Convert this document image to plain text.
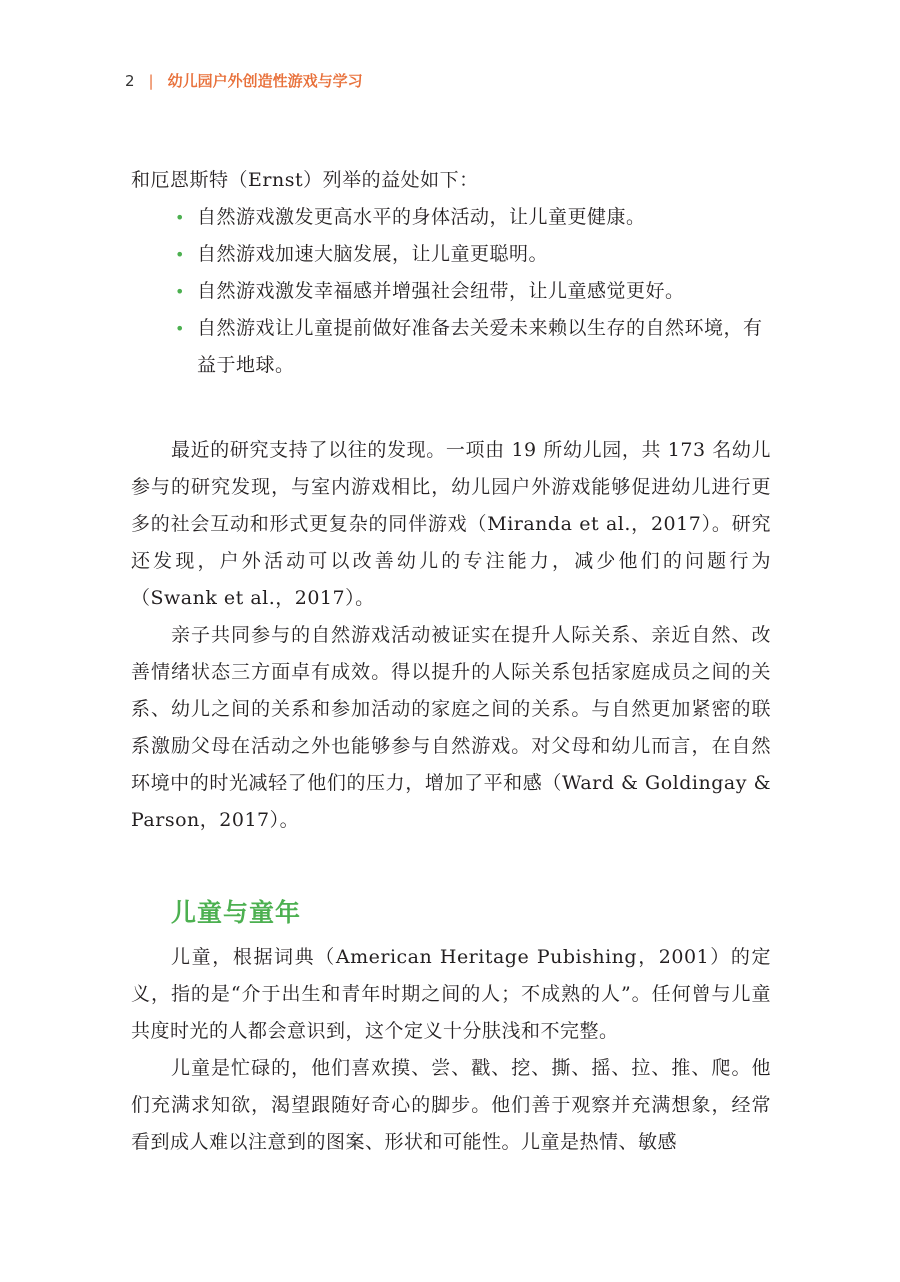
2 | 幼儿园户外创造性游戏与学习

和厄恩斯特（Ernst）列举的益处如下：

• 自然游戏激发更高水平的身体活动，让儿童更健康。
• 自然游戏加速大脑发展，让儿童更聪明。
• 自然游戏激发幸福感并增强社会纽带，让儿童感觉更好。
• 自然游戏让儿童提前做好准备去关爱未来赖以生存的自然环境，有益于地球。

最近的研究支持了以往的发现。一项由 19 所幼儿园，共 173 名幼儿参与的研究发现，与室内游戏相比，幼儿园户外游戏能够促进幼儿进行更多的社会互动和形式更复杂的同伴游戏（Miranda et al.，2017）。研究还发现，户外活动可以改善幼儿的专注能力，减少他们的问题行为（Swank et al.，2017）。

亲子共同参与的自然游戏活动被证实在提升人际关系、亲近自然、改善情绪状态三方面卓有成效。得以提升的人际关系包括家庭成员之间的关系、幼儿之间的关系和参加活动的家庭之间的关系。与自然更加紧密的联系激励父母在活动之外也能够参与自然游戏。对父母和幼儿而言，在自然环境中的时光减轻了他们的压力，增加了平和感（Ward & Goldingay & Parson，2017）。

儿童与童年

儿童，根据词典（American Heritage Pubishing，2001）的定义，指的是“介于出生和青年时期之间的人；不成熟的人”。任何曾与儿童共度时光的人都会意识到，这个定义十分肤浅和不完整。

儿童是忙碌的，他们喜欢摸、尝、戳、挖、撕、摇、拉、推、爬。他们充满求知欲，渴望跟随好奇心的脚步。他们善于观察并充满想象，经常看到成人难以注意到的图案、形状和可能性。儿童是热情、敏感
